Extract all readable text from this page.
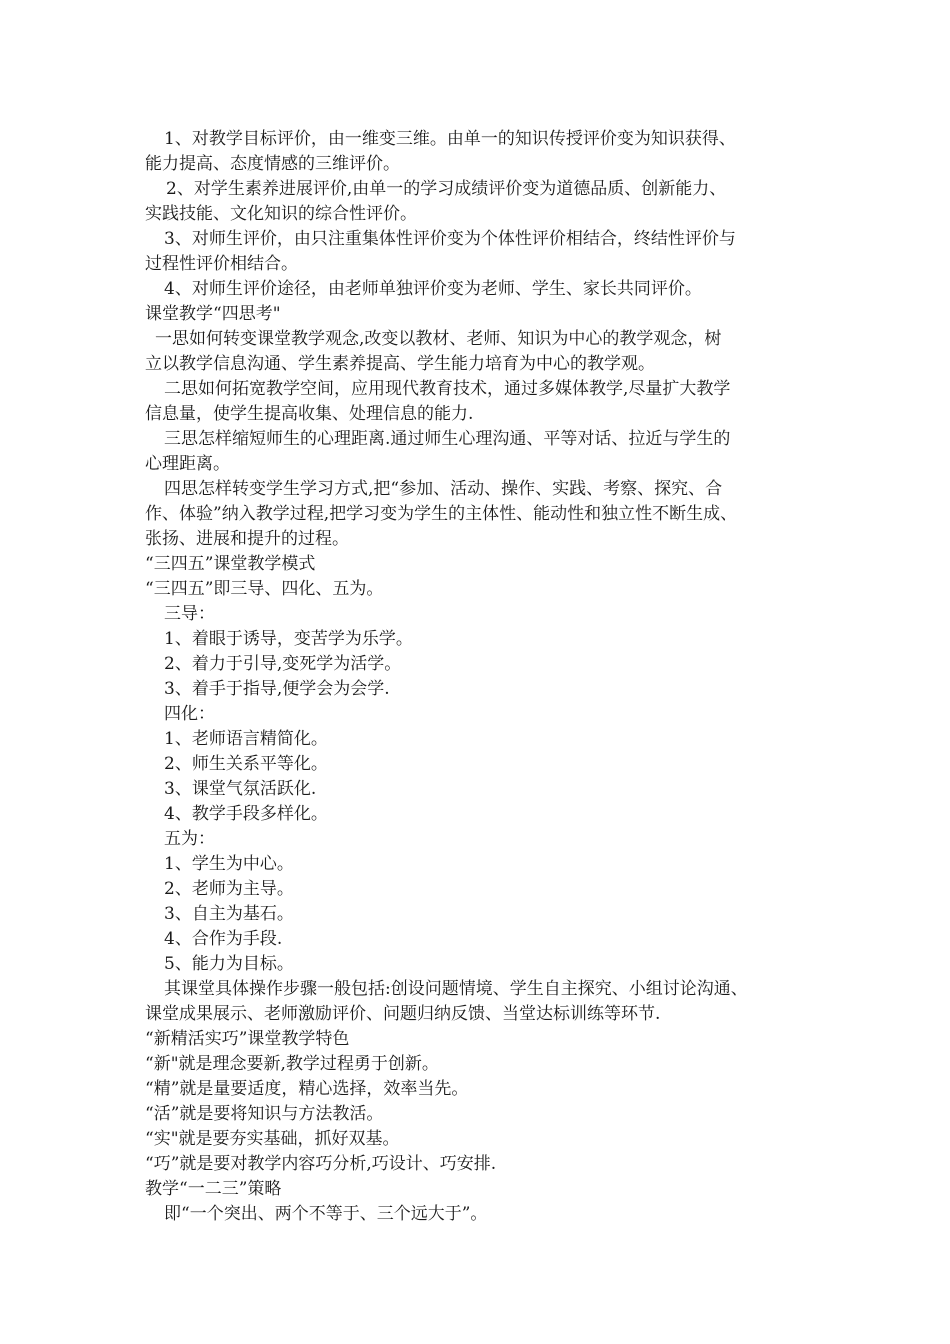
1、对教学目标评价，由一维变三维。由单一的知识传授评价变为知识获得、
能力提高、态度情感的三维评价。
2、对学生素养进展评价,由单一的学习成绩评价变为道德品质、创新能力、
实践技能、文化知识的综合性评价。
3、对师生评价，由只注重集体性评价变为个体性评价相结合，终结性评价与
过程性评价相结合。
4、对师生评价途径，由老师单独评价变为老师、学生、家长共同评价。
课堂教学“四思考"
一思如何转变课堂教学观念,改变以教材、老师、知识为中心的教学观念，树
立以教学信息沟通、学生素养提高、学生能力培育为中心的教学观。
二思如何拓宽教学空间，应用现代教育技术，通过多媒体教学,尽量扩大教学
信息量，使学生提高收集、处理信息的能力.
三思怎样缩短师生的心理距离.通过师生心理沟通、平等对话、拉近与学生的
心理距离。
四思怎样转变学生学习方式,把“参加、活动、操作、实践、考察、探究、合
作、体验”纳入教学过程,把学习变为学生的主体性、能动性和独立性不断生成、
张扬、进展和提升的过程。
“三四五”课堂教学模式
“三四五”即三导、四化、五为。
三导：
1、着眼于诱导，变苦学为乐学。
2、着力于引导,变死学为活学。
3、着手于指导,便学会为会学.
四化：
1、老师语言精简化。
2、师生关系平等化。
3、课堂气氛活跃化.
4、教学手段多样化。
五为：
1、学生为中心。
2、老师为主导。
3、自主为基石。
4、合作为手段.
5、能力为目标。
其课堂具体操作步骤一般包括:创设问题情境、学生自主探究、小组讨论沟通、
课堂成果展示、老师激励评价、问题归纳反馈、当堂达标训练等环节.
“新精活实巧”课堂教学特色
“新"就是理念要新,教学过程勇于创新。
“精”就是量要适度，精心选择，效率当先。
“活”就是要将知识与方法教活。
“实"就是要夯实基础，抓好双基。
“巧”就是要对教学内容巧分析,巧设计、巧安排.
教学“一二三”策略
即“一个突出、两个不等于、三个远大于”。
